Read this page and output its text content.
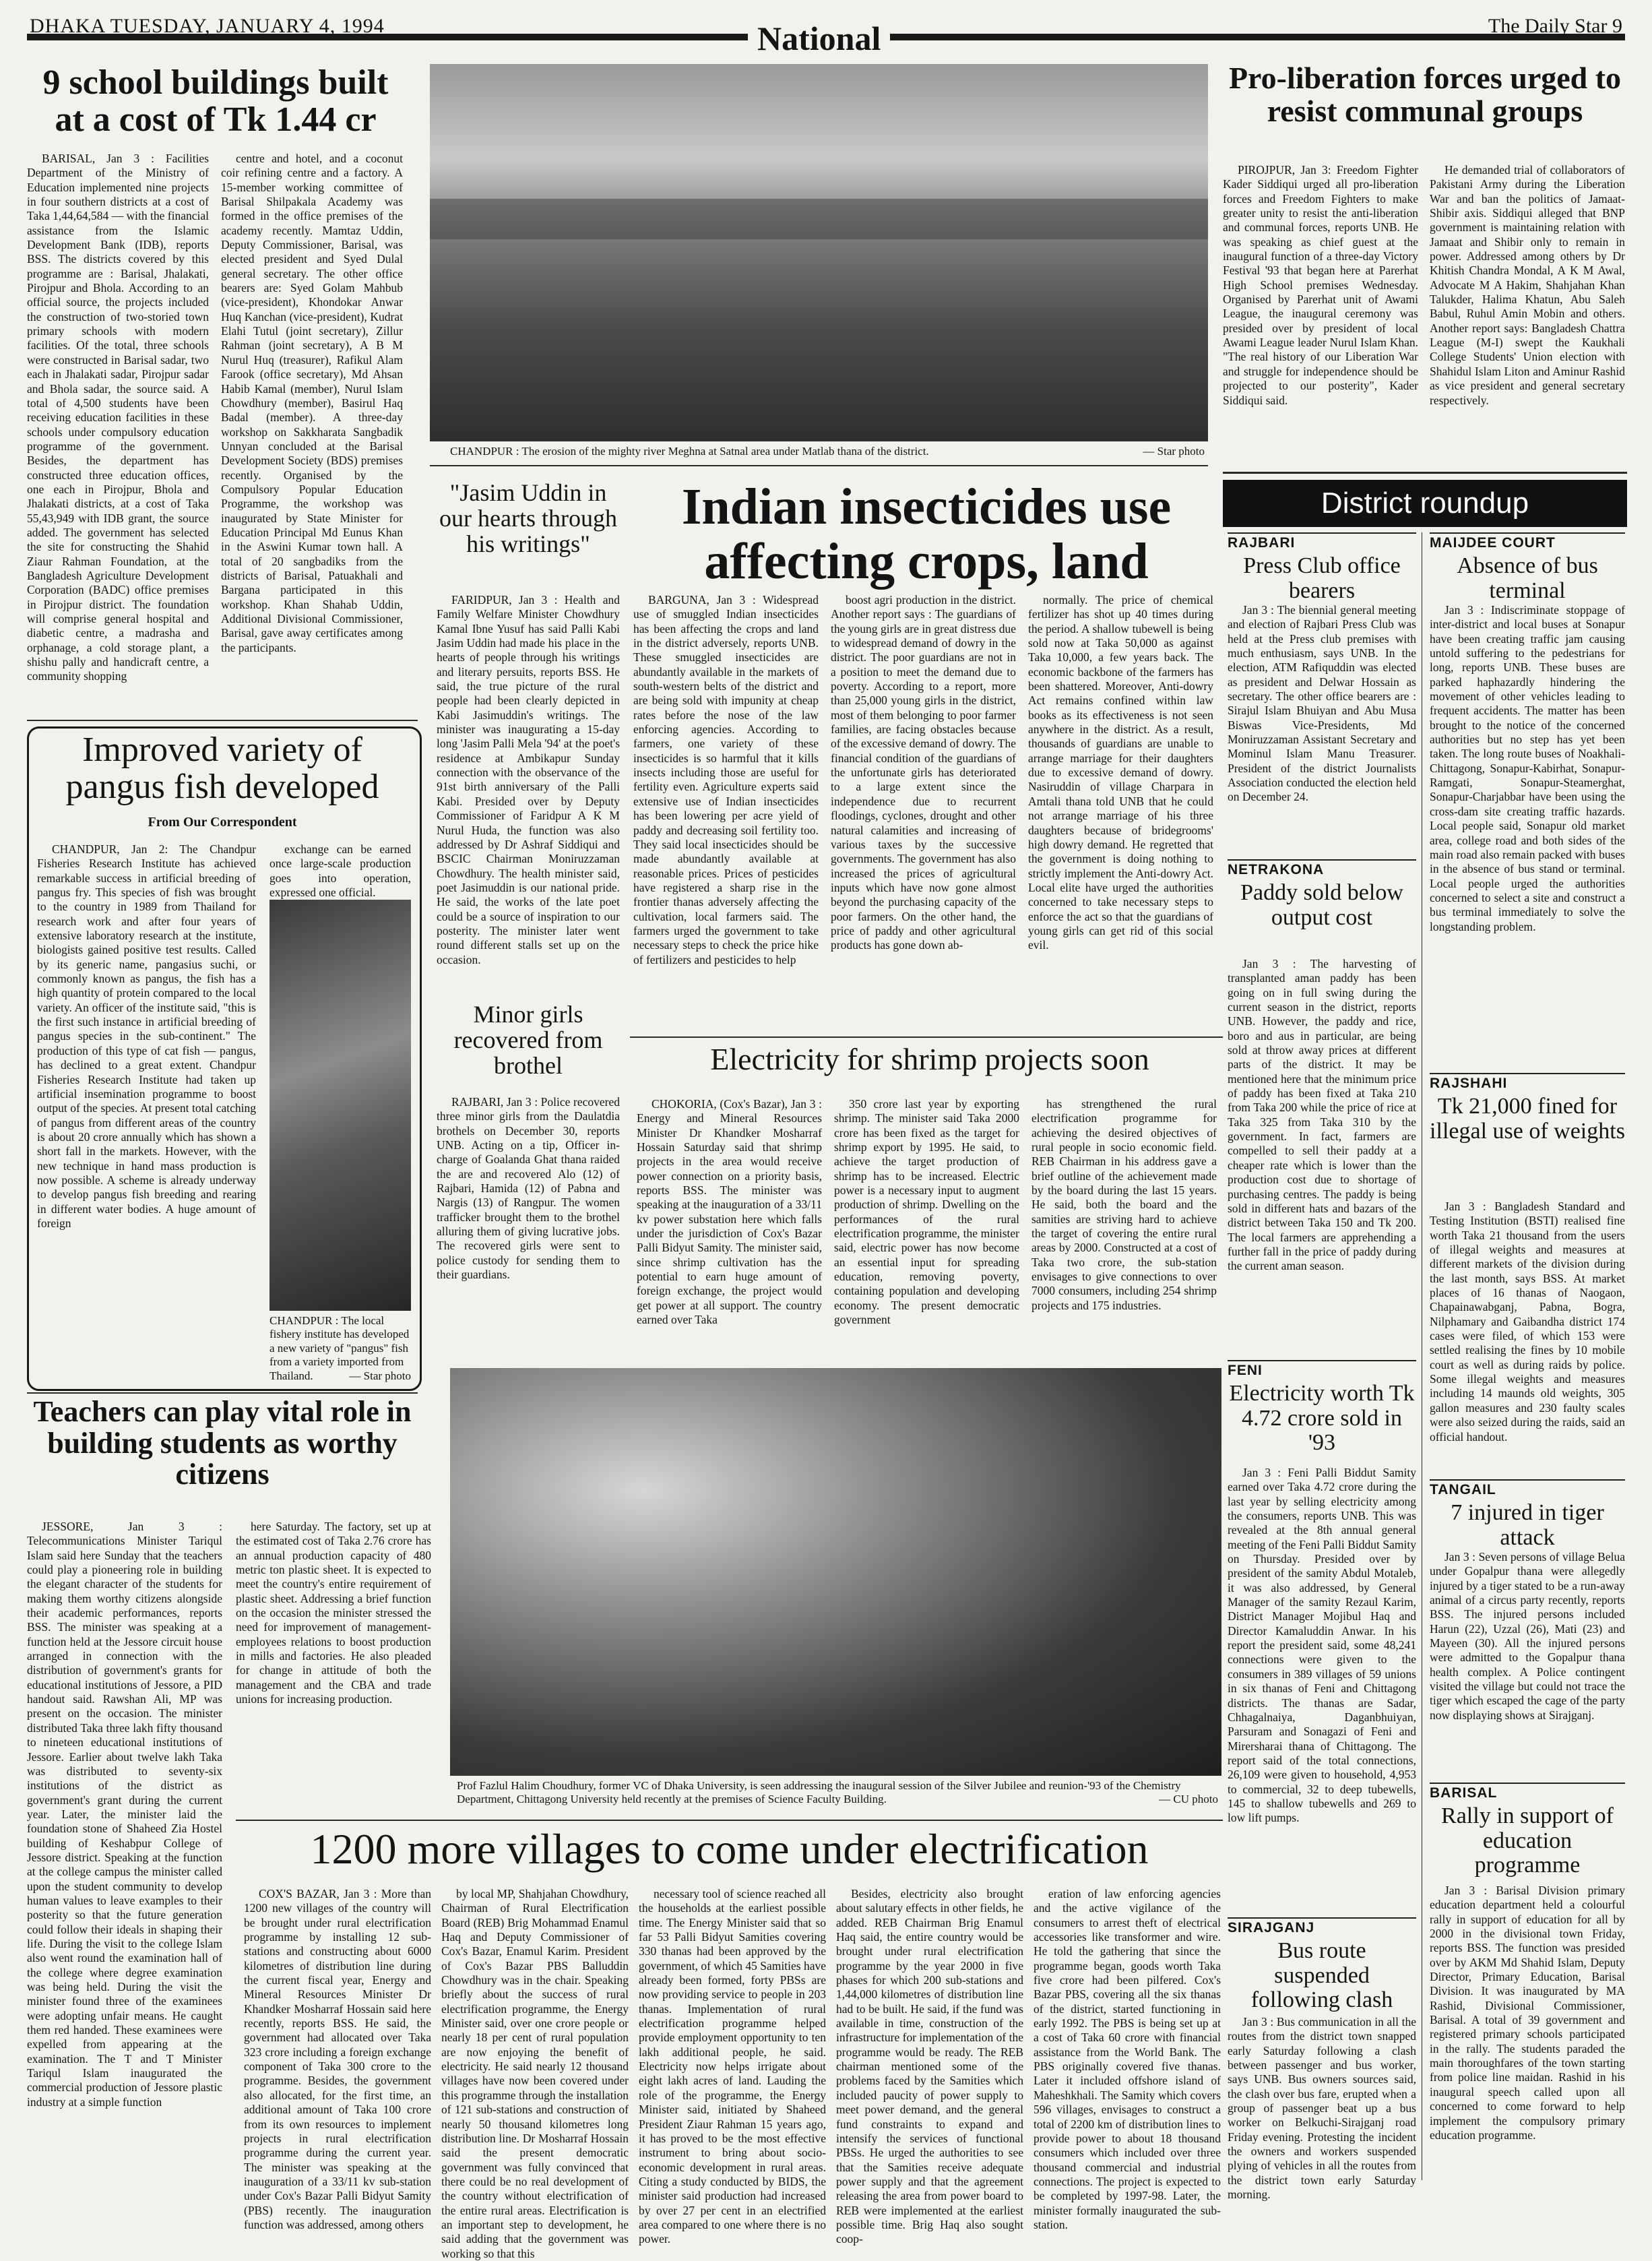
DHAKA TUESDAY, JANUARY 4, 1994	National	The Daily Star 9
9 school buildings built at a cost of Tk 1.44 cr

BARISAL, Jan 3 : Facilities Department of the Ministry of Education implemented nine projects in four southern districts at a cost of Taka 1,44,64,584 — with the financial assistance from the Islamic Development Bank (IDB), reports BSS. The districts covered by this programme are : Barisal, Jhalakati, Pirojpur and Bhola. According to an official source, the projects included the construction of two-storied town primary schools with modern facilities. Of the total, three schools were constructed in Barisal sadar, two each in Jhalakati sadar, Pirojpur sadar and Bhola sadar, the source said. A total of 4,500 students have been receiving education facilities in these schools under compulsory education programme of the government. Besides, the department has constructed three education offices, one each in Pirojpur, Bhola and Jhalakati districts, at a cost of Taka 55,43,949 with IDB grant, the source added. The government has selected the site for constructing the Shahid Ziaur Rahman Foundation, at the Bangladesh Agriculture Development Corporation (BADC) office premises in Pirojpur district. The foundation will comprise general hospital and diabetic centre, a madrasha and orphanage, a cold storage plant, a shishu pally and handicraft centre, a community shopping

centre and hotel, and a coconut coir refining centre and a factory. A 15-member working committee of Barisal Shilpakala Academy was formed in the office premises of the academy recently. Mamtaz Uddin, Deputy Commissioner, Barisal, was elected president and Syed Dulal general secretary. The other office bearers are: Syed Golam Mahbub (vice-president), Khondokar Anwar Huq Kanchan (vice-president), Kudrat Elahi Tutul (joint secretary), Zillur Rahman (joint secretary), A B M Nurul Huq (treasurer), Rafikul Alam Farook (office secretary), Md Ahsan Habib Kamal (member), Nurul Islam Chowdhury (member), Basirul Haq Badal (member). A three-day workshop on Sakkharata Sangbadik Unnyan concluded at the Barisal Development Society (BDS) premises recently. Organised by the Compulsory Popular Education Programme, the workshop was inaugurated by State Minister for Education Principal Md Eunus Khan in the Aswini Kumar town hall. A total of 20 sangbadiks from the districts of Barisal, Patuakhali and Bargana participated in this workshop. Khan Shahab Uddin, Additional Divisional Commissioner, Barisal, gave away certificates among the participants.

CHANDPUR : The erosion of the mighty river Meghna at Satnal area under Matlab thana of the district.	— Star photo
Pro-liberation forces urged to resist communal groups

PIROJPUR, Jan 3: Freedom Fighter Kader Siddiqui urged all pro-liberation forces and Freedom Fighters to make greater unity to resist the anti-liberation and communal forces, reports UNB. He was speaking as chief guest at the inaugural function of a three-day Victory Festival '93 that began here at Parerhat High School premises Wednesday. Organised by Parerhat unit of Awami League, the inaugural ceremony was presided over by president of local Awami League leader Nurul Islam Khan. "The real history of our Liberation War and struggle for independence should be projected to our posterity", Kader Siddiqui said.

He demanded trial of collaborators of Pakistani Army during the Liberation War and ban the politics of Jamaat-Shibir axis. Siddiqui alleged that BNP government is maintaining relation with Jamaat and Shibir only to remain in power. Addressed among others by Dr Khitish Chandra Mondal, A K M Awal, Advocate M A Hakim, Shahjahan Khan Talukder, Halima Khatun, Abu Saleh Babul, Ruhul Amin Mobin and others. Another report says: Bangladesh Chattra League (M-I) swept the Kaukhali College Students' Union election with Shahidul Islam Liton and Aminur Rashid as vice president and general secretary respectively.

"Jasim Uddin in our hearts through his writings"

FARIDPUR, Jan 3 : Health and Family Welfare Minister Chowdhury Kamal Ibne Yusuf has said Palli Kabi Jasim Uddin had made his place in the hearts of people through his writings and literary persuits, reports BSS. He said, the true picture of the rural people had been clearly depicted in Kabi Jasimuddin's writings. The minister was inaugurating a 15-day long 'Jasim Palli Mela '94' at the poet's residence at Ambikapur Sunday connection with the observance of the 91st birth anniversary of the Palli Kabi. Presided over by Deputy Commissioner of Faridpur A K M Nurul Huda, the function was also addressed by Dr Ashraf Siddiqui and BSCIC Chairman Moniruzzaman Chowdhury. The health minister said, poet Jasimuddin is our national pride. He said, the works of the late poet could be a source of inspiration to our posterity. The minister later went round different stalls set up on the occasion.

Minor girls recovered from brothel

RAJBARI, Jan 3 : Police recovered three minor girls from the Daulatdia brothels on December 30, reports UNB. Acting on a tip, Officer in-charge of Goalanda Ghat thana raided the are and recovered Alo (12) of Rajbari, Hamida (12) of Pabna and Nargis (13) of Rangpur. The women trafficker brought them to the brothel alluring them of giving lucrative jobs. The recovered girls were sent to police custody for sending them to their guardians.

Indian insecticides use affecting crops, land

BARGUNA, Jan 3 : Widespread use of smuggled Indian insecticides has been affecting the crops and land in the district adversely, reports UNB. These smuggled insecticides are abundantly available in the markets of south-western belts of the district and are being sold with impunity at cheap rates before the nose of the law enforcing agencies. According to farmers, one variety of these insecticides is so harmful that it kills insects including those are useful for fertility even. Agriculture experts said extensive use of Indian insecticides has been lowering per acre yield of paddy and decreasing soil fertility too. They said local insecticides should be made abundantly available at reasonable prices. Prices of pesticides have registered a sharp rise in the frontier thanas adversely affecting the cultivation, local farmers said. The farmers urged the government to take necessary steps to check the price hike of fertilizers and pesticides to help

boost agri production in the district. Another report says : The guardians of the young girls are in great distress due to widespread demand of dowry in the district. The poor guardians are not in a position to meet the demand due to poverty. According to a report, more than 25,000 young girls in the district, most of them belonging to poor farmer families, are facing obstacles because of the excessive demand of dowry. The financial condition of the guardians of the unfortunate girls has deteriorated to a large extent since the independence due to recurrent floodings, cyclones, drought and other natural calamities and increasing of various taxes by the successive governments. The government has also increased the prices of agricultural inputs which have now gone almost beyond the purchasing capacity of the poor farmers. On the other hand, the price of paddy and other agricultural products has gone down ab-

normally. The price of chemical fertilizer has shot up 40 times during the period. A shallow tubewell is being sold now at Taka 50,000 as against Taka 10,000, a few years back. The economic backbone of the farmers has been shattered. Moreover, Anti-dowry Act remains confined within law books as its effectiveness is not seen anywhere in the district. As a result, thousands of guardians are unable to arrange marriage for their daughters due to excessive demand of dowry. Nasiruddin of village Charpara in Amtali thana told UNB that he could not arrange marriage of his three daughters because of bridegrooms' high dowry demand. He regretted that the government is doing nothing to strictly implement the Anti-dowry Act. Local elite have urged the authorities concerned to take necessary steps to enforce the act so that the guardians of young girls can get rid of this social evil.

Improved variety of pangus fish developed
From Our Correspondent

CHANDPUR, Jan 2: The Chandpur Fisheries Research Institute has achieved remarkable success in artificial breeding of pangus fry. This species of fish was brought to the country in 1989 from Thailand for research work and after four years of extensive laboratory research at the institute, biologists gained positive test results. Called by its generic name, pangasius suchi, or commonly known as pangus, the fish has a high quantity of protein compared to the local variety. An officer of the institute said, "this is the first such instance in artificial breeding of pangus species in the sub-continent." The production of this type of cat fish — pangus, has declined to a great extent. Chandpur Fisheries Research Institute had taken up artificial insemination programme to boost output of the species. At present total catching of pangus from different areas of the country is about 20 crore annually which has shown a short fall in the markets. However, with the new technique in hand mass production is now possible. A scheme is already underway to develop pangus fish breeding and rearing in different water bodies. A huge amount of foreign

exchange can be earned once large-scale production goes into operation, expressed one official.

CHANDPUR : The local fishery institute has developed a new variety of "pangus" fish from a variety imported from Thailand.	— Star photo
Electricity for shrimp projects soon

CHOKORIA, (Cox's Bazar), Jan 3 : Energy and Mineral Resources Minister Dr Khandker Mosharraf Hossain Saturday said that shrimp projects in the area would receive power connection on a priority basis, reports BSS. The minister was speaking at the inauguration of a 33/11 kv power substation here which falls under the jurisdiction of Cox's Bazar Palli Bidyut Samity. The minister said, since shrimp cultivation has the potential to earn huge amount of foreign exchange, the project would get power at all support. The country earned over Taka

350 crore last year by exporting shrimp. The minister said Taka 2000 crore has been fixed as the target for shrimp export by 1995. He said, to achieve the target production of shrimp has to be increased. Electric power is a necessary input to augment production of shrimp. Dwelling on the performances of the rural electrification programme, the minister said, electric power has now become an essential input for spreading education, removing poverty, containing population and developing economy. The present democratic government

has strengthened the rural electrification programme for achieving the desired objectives of rural people in socio economic field. REB Chairman in his address gave a brief outline of the achievement made by the board during the last 15 years. He said, both the board and the samities are striving hard to achieve the target of covering the entire rural areas by 2000. Constructed at a cost of Taka two crore, the sub-station envisages to give connections to over 7000 consumers, including 254 shrimp projects and 175 industries.

Prof Fazlul Halim Choudhury, former VC of Dhaka University, is seen addressing the inaugural session of the Silver Jubilee and reunion-'93 of the Chemistry Department, Chittagong University held recently at the premises of Science Faculty Building.	— CU photo
Teachers can play vital role in building students as worthy citizens

JESSORE, Jan 3 : Telecommunications Minister Tariqul Islam said here Sunday that the teachers could play a pioneering role in building the elegant character of the students for making them worthy citizens alongside their academic performances, reports BSS. The minister was speaking at a function held at the Jessore circuit house arranged in connection with the distribution of government's grants for educational institutions of Jessore, a PID handout said. Rawshan Ali, MP was present on the occasion. The minister distributed Taka three lakh fifty thousand to nineteen educational institutions of Jessore. Earlier about twelve lakh Taka was distributed to seventy-six institutions of the district as government's grant during the current year. Later, the minister laid the foundation stone of Shaheed Zia Hostel building of Keshabpur College of Jessore district. Speaking at the function at the college campus the minister called upon the student community to develop human values to leave examples to their posterity so that the future generation could follow their ideals in shaping their life. During the visit to the college Islam also went round the examination hall of the college where degree examination was being held. During the visit the minister found three of the examinees were adopting unfair means. He caught them red handed. These examinees were expelled from appearing at the examination. The T and T Minister Tariqul Islam inaugurated the commercial production of Jessore plastic industry at a simple function

here Saturday. The factory, set up at the estimated cost of Taka 2.76 crore has an annual production capacity of 480 metric ton plastic sheet. It is expected to meet the country's entire requirement of plastic sheet. Addressing a brief function on the occasion the minister stressed the need for improvement of management-employees relations to boost production in mills and factories. He also pleaded for change in attitude of both the management and the CBA and trade unions for increasing production.

1200 more villages to come under electrification

COX'S BAZAR, Jan 3 : More than 1200 new villages of the country will be brought under rural electrification programme by installing 12 sub-stations and constructing about 6000 kilometres of distribution line during the current fiscal year, Energy and Mineral Resources Minister Dr Khandker Mosharraf Hossain said here recently, reports BSS. He said, the government had allocated over Taka 323 crore including a foreign exchange component of Taka 300 crore to the programme. Besides, the government also allocated, for the first time, an additional amount of Taka 100 crore from its own resources to implement projects in rural electrification programme during the current year. The minister was speaking at the inauguration of a 33/11 kv sub-station under Cox's Bazar Palli Bidyut Samity (PBS) recently. The inauguration function was addressed, among others

by local MP, Shahjahan Chowdhury, Chairman of Rural Electrification Board (REB) Brig Mohammad Enamul Haq and Deputy Commissioner of Cox's Bazar, Enamul Karim. President of Cox's Bazar PBS Balluddin Chowdhury was in the chair. Speaking briefly about the success of rural electrification programme, the Energy Minister said, over one crore people or nearly 18 per cent of rural population are now enjoying the benefit of electricity. He said nearly 12 thousand villages have now been covered under this programme through the installation of 121 sub-stations and construction of nearly 50 thousand kilometres long distribution line. Dr Mosharraf Hossain said the present democratic government was fully convinced that there could be no real development of the country without electrification of the entire rural areas. Electrification is an important step to development, he said adding that the government was working so that this

necessary tool of science reached all the households at the earliest possible time. The Energy Minister said that so far 53 Palli Bidyut Samities covering 330 thanas had been approved by the government, of which 45 Samities have already been formed, forty PBSs are now providing service to people in 203 thanas. Implementation of rural electrification programme helped provide employment opportunity to ten lakh additional people, he said. Electricity now helps irrigate about eight lakh acres of land. Lauding the role of the programme, the Energy Minister said, initiated by Shaheed President Ziaur Rahman 15 years ago, it has proved to be the most effective instrument to bring about socio-economic development in rural areas. Citing a study conducted by BIDS, the minister said production had increased by over 27 per cent in an electrified area compared to one where there is no power.

Besides, electricity also brought about salutary effects in other fields, he added. REB Chairman Brig Enamul Haq said, the entire country would be brought under rural electrification programme by the year 2000 in five phases for which 200 sub-stations and 1,44,000 kilometres of distribution line had to be built. He said, if the fund was available in time, construction of the infrastructure for implementation of the programme would be ready. The REB chairman mentioned some of the problems faced by the Samities which included paucity of power supply to meet power demand, and the general fund constraints to expand and intensify the services of functional PBSs. He urged the authorities to see that the Samities receive adequate power supply and that the agreement releasing the area from power board to REB were implemented at the earliest possible time. Brig Haq also sought coop-

eration of law enforcing agencies and the active vigilance of the consumers to arrest theft of electrical accessories like transformer and wire. He told the gathering that since the programme began, goods worth Taka five crore had been pilfered. Cox's Bazar PBS, covering all the six thanas of the district, started functioning in early 1992. The PBS is being set up at a cost of Taka 60 crore with financial assistance from the World Bank. The PBS originally covered five thanas. Later it included offshore island of Maheshkhali. The Samity which covers 596 villages, envisages to construct a total of 2200 km of distribution lines to provide power to about 18 thousand consumers which included over three thousand commercial and industrial connections. The project is expected to be completed by 1997-98. Later, the minister formally inaugurated the sub-station.

District roundup
RAJBARI
Press Club office bearers

Jan 3 : The biennial general meeting and election of Rajbari Press Club was held at the Press club premises with much enthusiasm, says UNB. In the election, ATM Rafiquddin was elected as president and Delwar Hossain as secretary. The other office bearers are : Sirajul Islam Bhuiyan and Abu Musa Biswas Vice-Presidents, Md Moniruzzaman Assistant Secretary and Mominul Islam Manu Treasurer. President of the district Journalists Association conducted the election held on December 24.

NETRAKONA
Paddy sold below output cost

Jan 3 : The harvesting of transplanted aman paddy has been going on in full swing during the current season in the district, reports UNB. However, the paddy and rice, boro and aus in particular, are being sold at throw away prices at different parts of the district. It may be mentioned here that the minimum price of paddy has been fixed at Taka 210 from Taka 200 while the price of rice at Taka 325 from Taka 310 by the government. In fact, farmers are compelled to sell their paddy at a cheaper rate which is lower than the production cost due to shortage of purchasing centres. The paddy is being sold in different hats and bazars of the district between Taka 150 and Tk 200. The local farmers are apprehending a further fall in the price of paddy during the current aman season.

FENI
Electricity worth Tk 4.72 crore sold in '93

Jan 3 : Feni Palli Biddut Samity earned over Taka 4.72 crore during the last year by selling electricity among the consumers, reports UNB. This was revealed at the 8th annual general meeting of the Feni Palli Biddut Samity on Thursday. Presided over by president of the samity Abdul Motaleb, it was also addressed, by General Manager of the samity Rezaul Karim, District Manager Mojibul Haq and Director Kamaluddin Anwar. In his report the president said, some 48,241 connections were given to the consumers in 389 villages of 59 unions in six thanas of Feni and Chittagong districts. The thanas are Sadar, Chhagalnaiya, Daganbhuiyan, Parsuram and Sonagazi of Feni and Mirersharai thana of Chittagong. The report said of the total connections, 26,109 were given to household, 4,953 to commercial, 32 to deep tubewells, 145 to shallow tubewells and 269 to low lift pumps.

SIRAJGANJ
Bus route suspended following clash

Jan 3 : Bus communication in all the routes from the district town snapped early Saturday following a clash between passenger and bus worker, says UNB. Bus owners sources said, the clash over bus fare, erupted when a group of passenger beat up a bus worker on Belkuchi-Sirajganj road Friday evening. Protesting the incident the owners and workers suspended plying of vehicles in all the routes from the district town early Saturday morning.

MAIJDEE COURT
Absence of bus terminal

Jan 3 : Indiscriminate stoppage of inter-district and local buses at Sonapur have been creating traffic jam causing untold suffering to the pedestrians for long, reports UNB. These buses are parked haphazardly hindering the movement of other vehicles leading to frequent accidents. The matter has been brought to the notice of the concerned authorities but no step has yet been taken. The long route buses of Noakhali-Chittagong, Sonapur-Kabirhat, Sonapur-Ramgati, Sonapur-Steamerghat, Sonapur-Charjabbar have been using the cross-dam site creating traffic hazards. Local people said, Sonapur old market area, college road and both sides of the main road also remain packed with buses in the absence of bus stand or terminal. Local people urged the authorities concerned to select a site and construct a bus terminal immediately to solve the longstanding problem.

RAJSHAHI
Tk 21,000 fined for illegal use of weights

Jan 3 : Bangladesh Standard and Testing Institution (BSTI) realised fine worth Taka 21 thousand from the users of illegal weights and measures at different markets of the division during the last month, says BSS. At market places of 16 thanas of Naogaon, Chapainawabganj, Pabna, Bogra, Nilphamary and Gaibandha district 174 cases were filed, of which 153 were settled realising the fines by 10 mobile court as well as during raids by police. Some illegal weights and measures including 14 maunds old weights, 305 gallon measures and 230 faulty scales were also seized during the raids, said an official handout.

TANGAIL
7 injured in tiger attack

Jan 3 : Seven persons of village Belua under Gopalpur thana were allegedly injured by a tiger stated to be a run-away animal of a circus party recently, reports BSS. The injured persons included Harun (22), Uzzal (26), Mati (23) and Mayeen (30). All the injured persons were admitted to the Gopalpur thana health complex. A Police contingent visited the village but could not trace the tiger which escaped the cage of the party now displaying shows at Sirajganj.

BARISAL
Rally in support of education programme

Jan 3 : Barisal Division primary education department held a colourful rally in support of education for all by 2000 in the divisional town Friday, reports BSS. The function was presided over by AKM Md Shahid Islam, Deputy Director, Primary Education, Barisal Division. It was inaugurated by MA Rashid, Divisional Commissioner, Barisal. A total of 39 government and registered primary schools participated in the rally. The students paraded the main thoroughfares of the town starting from police line maidan. Rashid in his inaugural speech called upon all concerned to come forward to help implement the compulsory primary education programme.
